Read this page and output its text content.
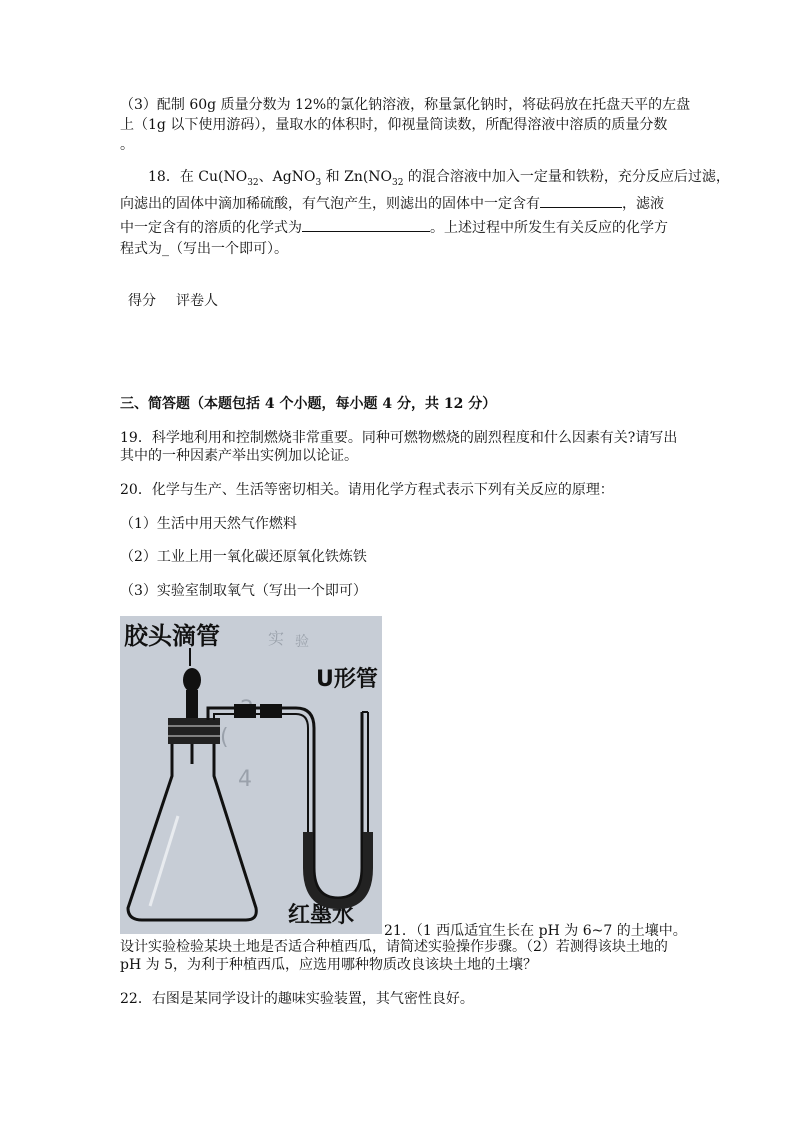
（3）配制 60g 质量分数为 12%的氯化钠溶液，称量氯化钠时，将砝码放在托盘天平的左盘
上（1g 以下使用游码），量取水的体积时，仰视量筒读数，所配得溶液中溶质的质量分数
。
18．在 $Cu(NO_{32}$、AgNO$_3$ 和 $Zn(NO_{32}$ 的混合溶液中加入一定量和铁粉，充分反应后过滤，
向滤出的固体中滴加稀硫酸，有气泡产生，则滤出的固体中一定含有	，滤液
中一定含有的溶质的化学式为	。上述过程中所发生有关反应的化学方
程式为_（写出一个即可）。
得分 评卷人
三、简答题（本题包括 4 个小题，每小题 4 分，共 12 分）
19．科学地利用和控制燃烧非常重要。同种可燃物燃烧的剧烈程度和什么因素有关?请写出
其中的一种因素产举出实例加以论证。
20．化学与生产、生活等密切相关。请用化学方程式表示下列有关反应的原理：
（1）生活中用天然气作燃料
（2）工业上用一氧化碳还原氧化铁炼铁
（3）实验室制取氧气（写出一个即可）
实 验
(
4
胶头滴管
U形管
红墨水
21．（1 西瓜适宜生长在 pH 为 6~7 的土壤中。
设计实验检验某块土地是否适合种植西瓜，请简述实验操作步骤。（2）若测得该块土地的
pH 为 5，为利于种植西瓜，应选用哪种物质改良该块土地的土壤？
22．右图是某同学设计的趣味实验装置，其气密性良好。
